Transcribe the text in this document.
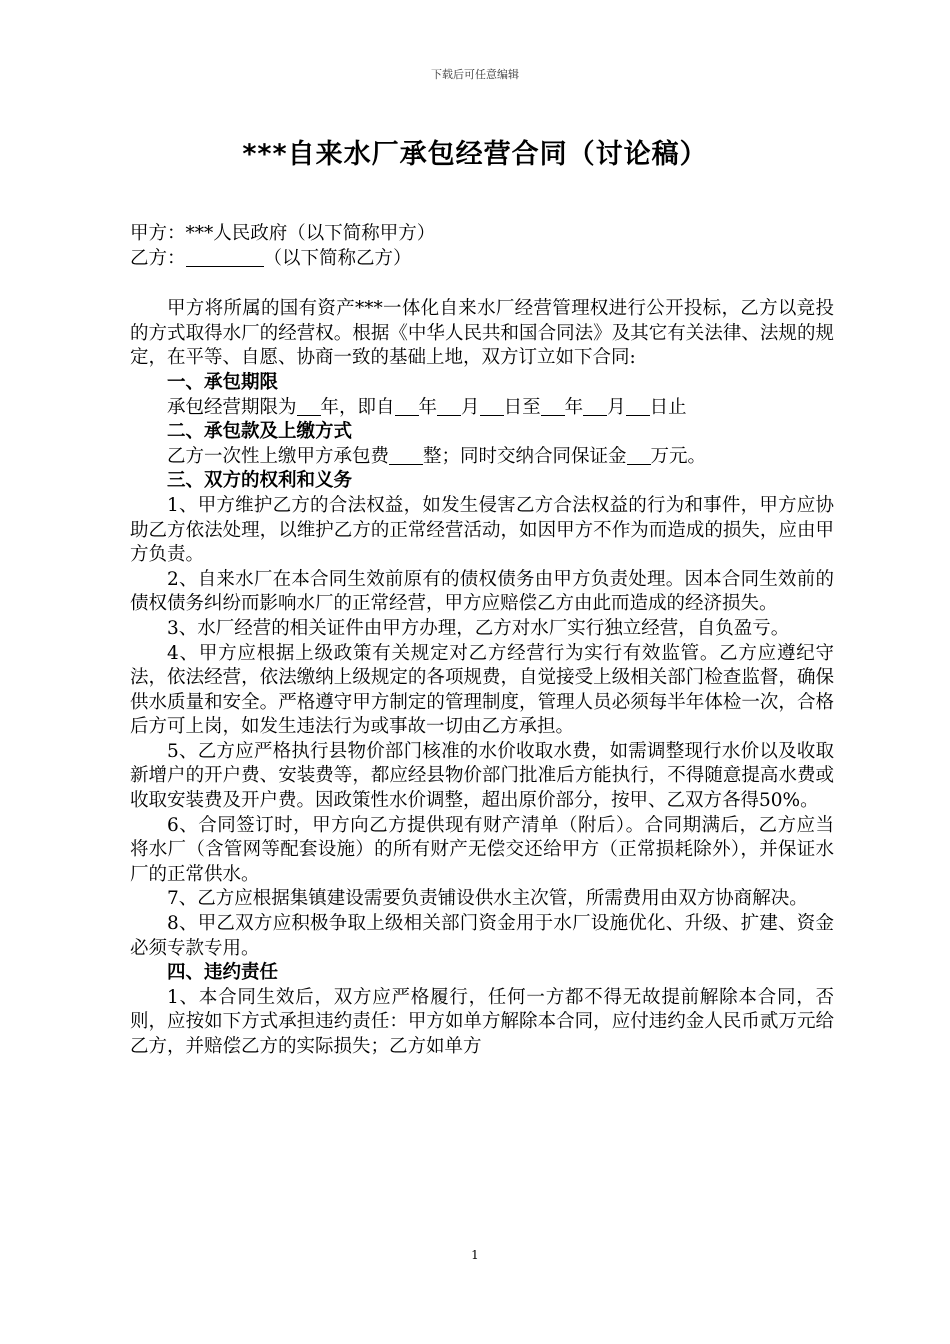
下载后可任意编辑
***自来水厂承包经营合同（讨论稿）

甲方：***人民政府（以下简称甲方）

乙方：	（以下简称乙方）

甲方将所属的国有资产***一体化自来水厂经营管理权进行公开投标，乙方以竞投的方式取得水厂的经营权。根据《中华人民共和国合同法》及其它有关法律、法规的规定，在平等、自愿、协商一致的基础上地，双方订立如下合同:

一、承包期限

承包经营期限为 年，即自 年 月 日至 年 月 日止

二、承包款及上缴方式

乙方一次性上缴甲方承包费 整；同时交纳合同保证金 万元。

三、双方的权利和义务

1、甲方维护乙方的合法权益，如发生侵害乙方合法权益的行为和事件，甲方应协助乙方依法处理，以维护乙方的正常经营活动，如因甲方不作为而造成的损失，应由甲方负责。

2、自来水厂在本合同生效前原有的债权债务由甲方负责处理。因本合同生效前的债权债务纠纷而影响水厂的正常经营，甲方应赔偿乙方由此而造成的经济损失。

3、水厂经营的相关证件由甲方办理，乙方对水厂实行独立经营，自负盈亏。

4、甲方应根据上级政策有关规定对乙方经营行为实行有效监管。乙方应遵纪守法，依法经营，依法缴纳上级规定的各项规费，自觉接受上级相关部门检查监督，确保供水质量和安全。严格遵守甲方制定的管理制度，管理人员必须每半年体检一次，合格后方可上岗，如发生违法行为或事故一切由乙方承担。

5、乙方应严格执行县物价部门核准的水价收取水费，如需调整现行水价以及收取新增户的开户费、安装费等，都应经县物价部门批准后方能执行，不得随意提高水费或收取安装费及开户费。因政策性水价调整，超出原价部分，按甲、乙双方各得50%。

6、合同签订时，甲方向乙方提供现有财产清单（附后）。合同期满后，乙方应当将水厂（含管网等配套设施）的所有财产无偿交还给甲方（正常损耗除外），并保证水厂的正常供水。

7、乙方应根据集镇建设需要负责铺设供水主次管，所需费用由双方协商解决。

8、甲乙双方应积极争取上级相关部门资金用于水厂设施优化、升级、扩建、资金必须专款专用。

四、违约责任

1、本合同生效后，双方应严格履行，任何一方都不得无故提前解除本合同，否则，应按如下方式承担违约责任：甲方如单方解除本合同，应付违约金人民币贰万元给乙方，并赔偿乙方的实际损失；乙方如单方

1
